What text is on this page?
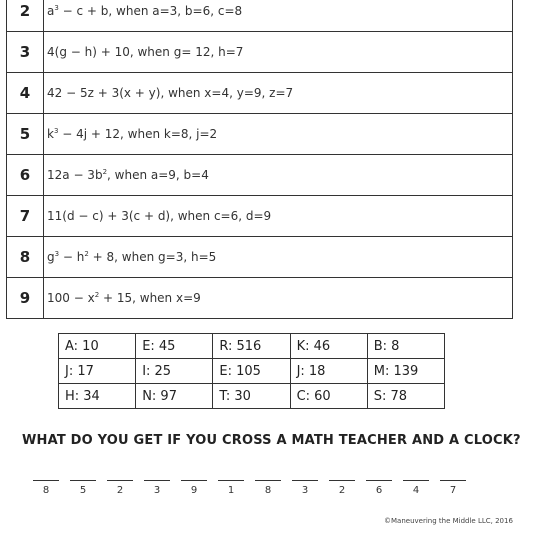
2	$a^3 - c + b$, when a=3, b=6, c=8
3	4(g − h) + 10, when g= 12, h=7
4	42 − 5z + 3(x + y), when x=4, y=9, z=7
5	$k^3 - 4j + 12$, when k=8, j=2
6	$12a - 3b^2$, when a=9, b=4
7	11(d − c) + 3(c + d), when c=6, d=9
8	$g^3 - h^2 + 8$, when g=3, h=5
9	$100 - x^2 + 15$, when x=9
A: 10	E: 45	R: 516	K: 46	B: 8
J: 17	I: 25	E: 105	J: 18	M: 139
H: 34	N: 97	T: 30	C: 60	S: 78
WHAT DO YOU GET IF YOU CROSS A MATH TEACHER AND A CLOCK?
8	5	2	3	9	1	8	3	2	6	4	7
©Maneuvering the Middle LLC, 2016
